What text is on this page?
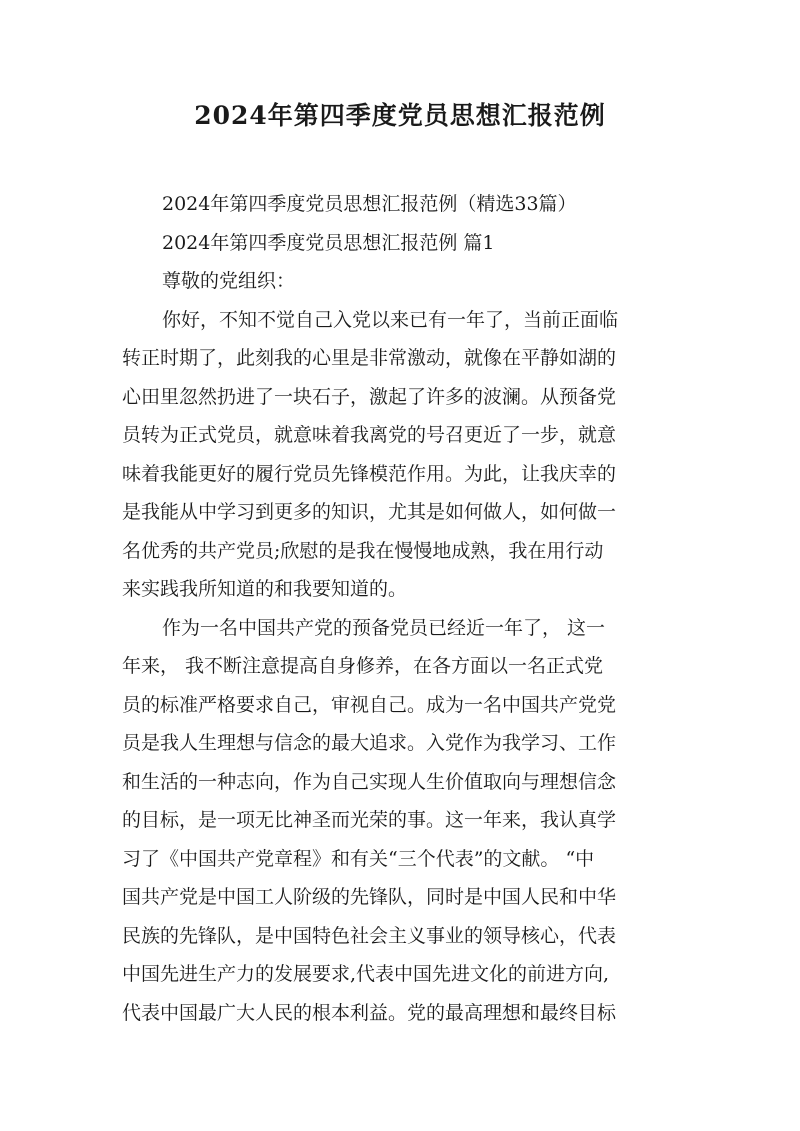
2024年第四季度党员思想汇报范例
2024年第四季度党员思想汇报范例（精选33篇）
2024年第四季度党员思想汇报范例 篇1
尊敬的党组织：
你好，不知不觉自己入党以来已有一年了，当前正面临
转正时期了，此刻我的心里是非常激动，就像在平静如湖的
心田里忽然扔进了一块石子，激起了许多的波澜。从预备党
员转为正式党员，就意味着我离党的号召更近了一步，就意
味着我能更好的履行党员先锋模范作用。为此，让我庆幸的
是我能从中学习到更多的知识，尤其是如何做人，如何做一
名优秀的共产党员;欣慰的是我在慢慢地成熟，我在用行动
来实践我所知道的和我要知道的。
作为一名中国共产党的预备党员已经近一年了， 这一
年来， 我不断注意提高自身修养，在各方面以一名正式党
员的标准严格要求自己，审视自己。成为一名中国共产党党
员是我人生理想与信念的最大追求。入党作为我学习、工作
和生活的一种志向，作为自己实现人生价值取向与理想信念
的目标，是一项无比神圣而光荣的事。这一年来，我认真学
习了《中国共产党章程》和有关“三个代表”的文献。 “中
国共产党是中国工人阶级的先锋队，同时是中国人民和中华
民族的先锋队，是中国特色社会主义事业的领导核心，代表
中国先进生产力的发展要求,代表中国先进文化的前进方向,
代表中国最广大人民的根本利益。党的最高理想和最终目标
